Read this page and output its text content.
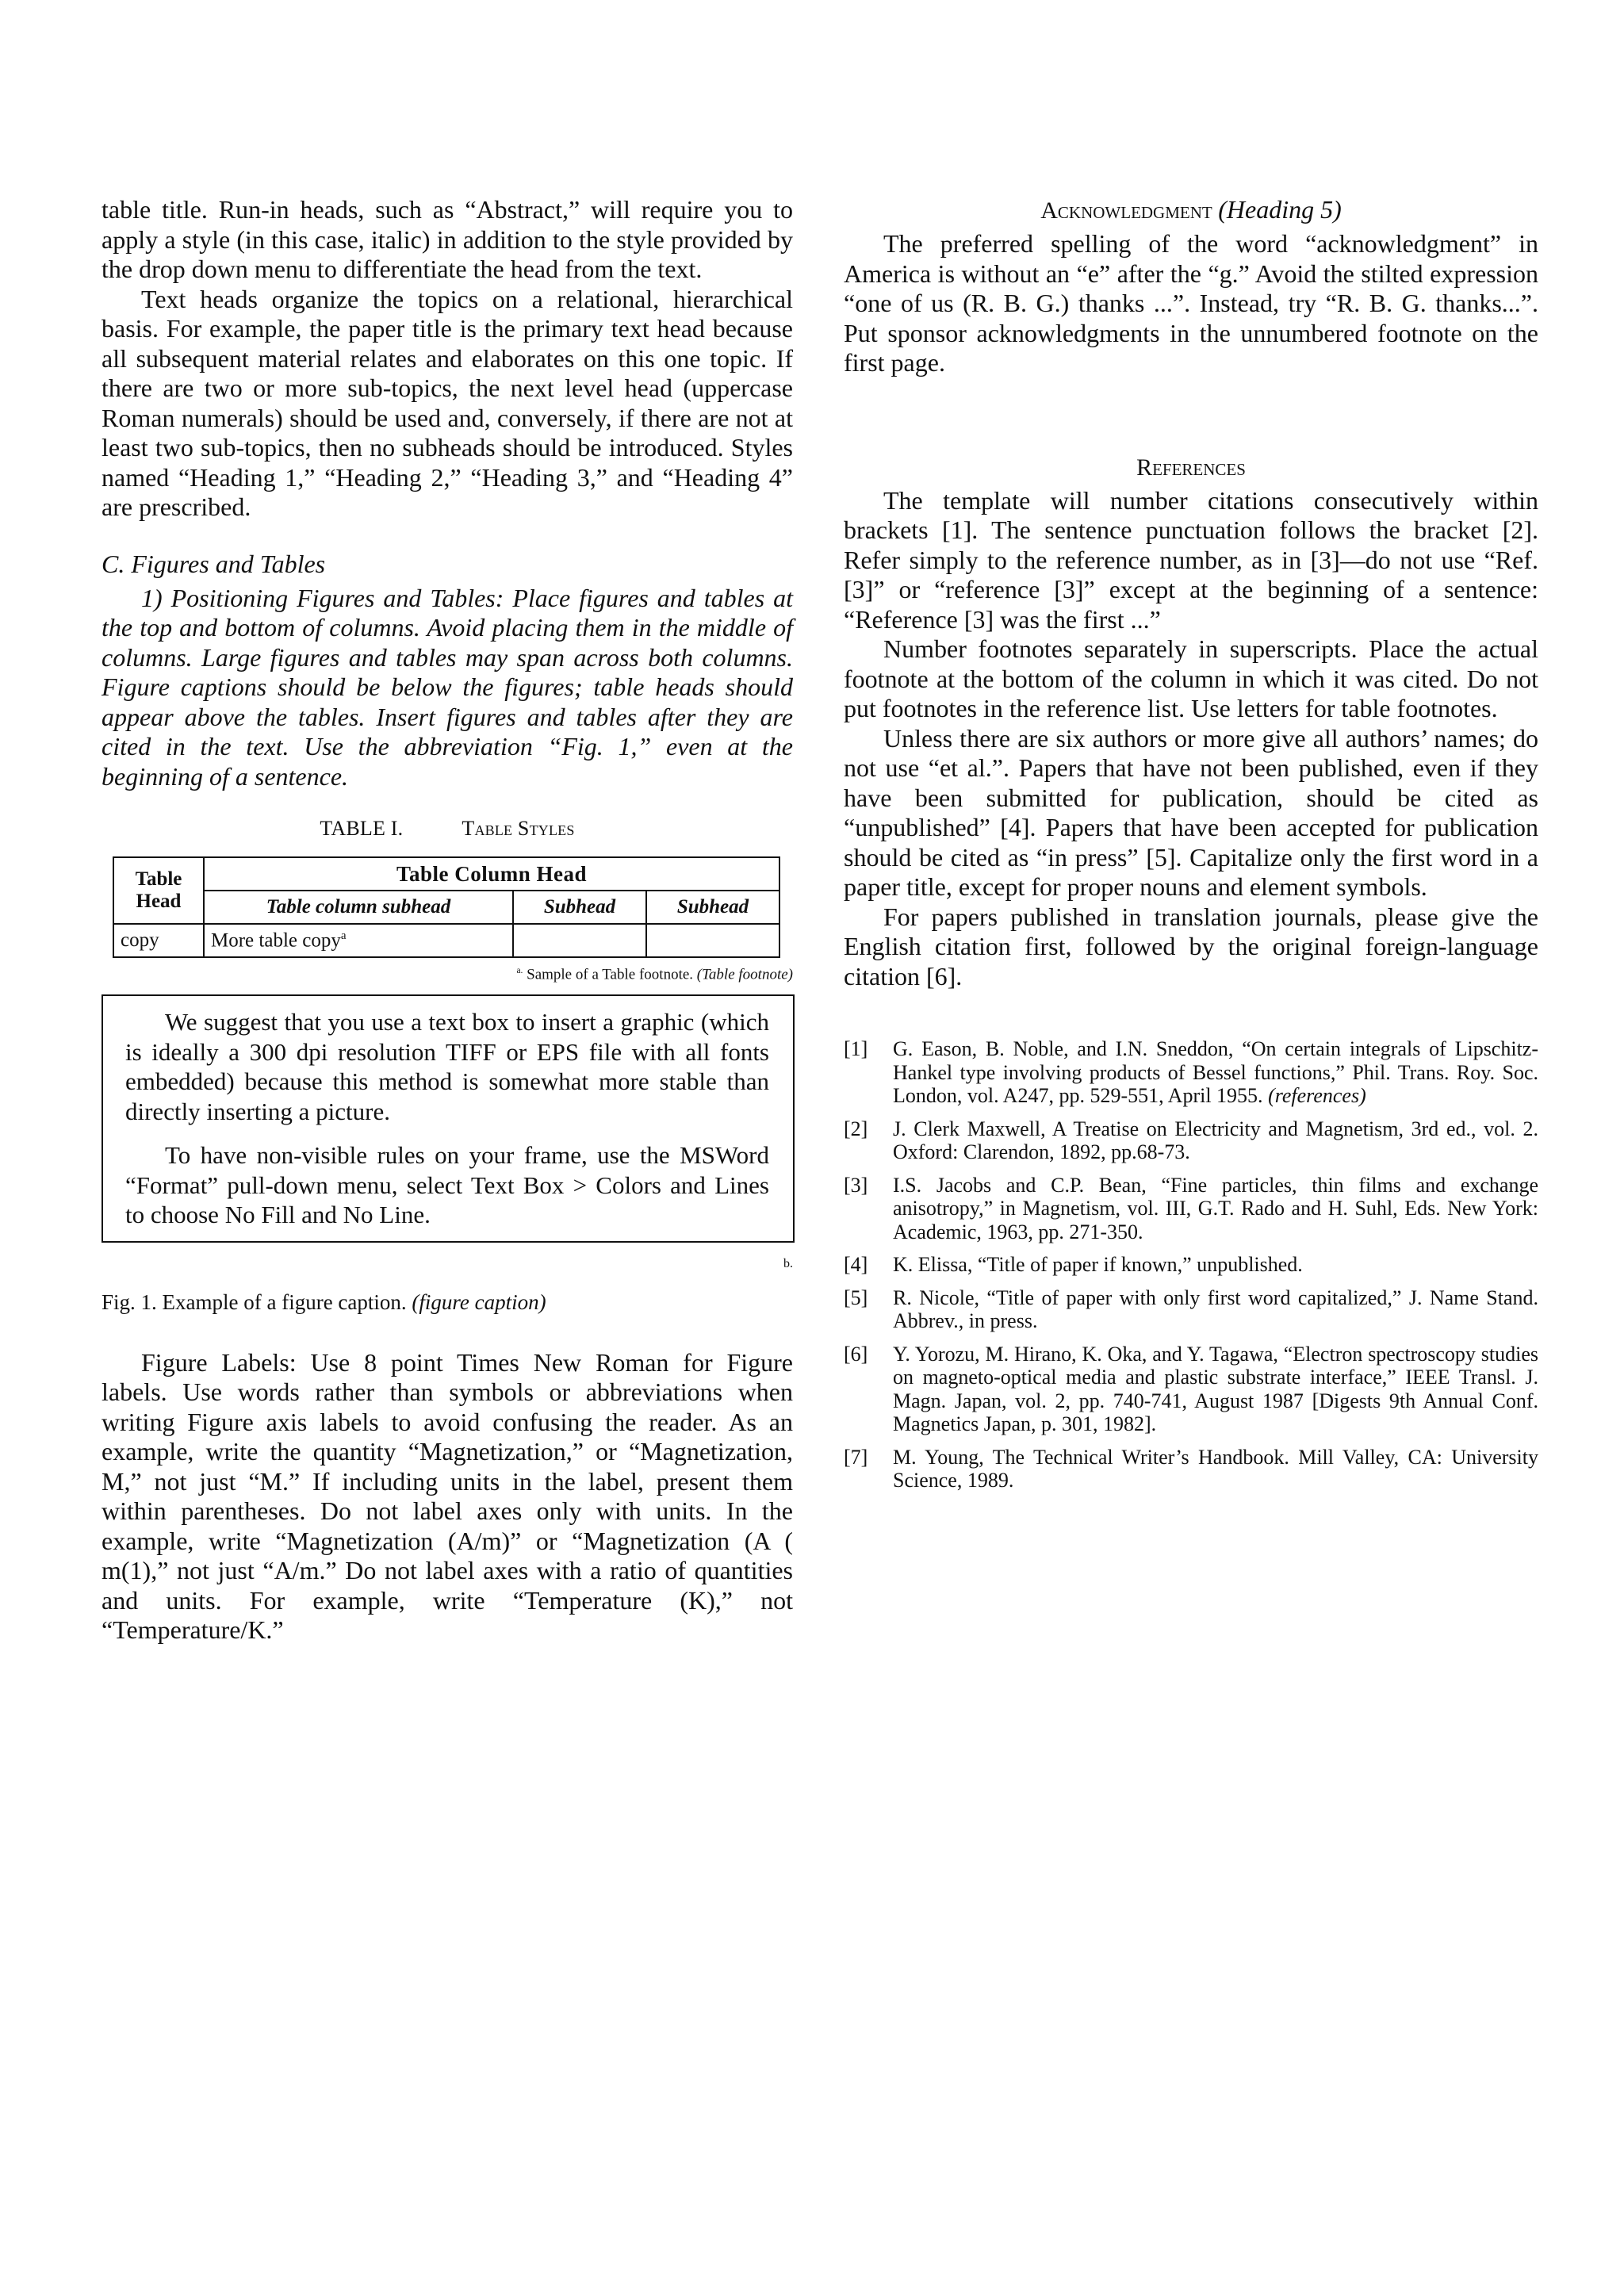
table title. Run-in heads, such as “Abstract,” will require you to apply a style (in this case, italic) in addition to the style provided by the drop down menu to differentiate the head from the text.

Text heads organize the topics on a relational, hierarchical basis. For example, the paper title is the primary text head because all subsequent material relates and elaborates on this one topic. If there are two or more sub-topics, the next level head (uppercase Roman numerals) should be used and, conversely, if there are not at least two sub-topics, then no subheads should be introduced. Styles named “Heading 1,” “Heading 2,” “Heading 3,” and “Heading 4” are prescribed.

C. Figures and Tables

1) Positioning Figures and Tables: Place figures and tables at the top and bottom of columns. Avoid placing them in the middle of columns. Large figures and tables may span across both columns. Figure captions should be below the figures; table heads should appear above the tables. Insert figures and tables after they are cited in the text. Use the abbreviation “Fig. 1,” even at the beginning of a sentence.

TABLE I.	Table Styles
Table Head	Table Column Head		
	Table column subhead	Subhead	Subhead
copy	More table copy$^a$		
$^{a.}$ Sample of a Table footnote. (Table footnote)

We suggest that you use a text box to insert a graphic (which is ideally a 300 dpi resolution TIFF or EPS file with all fonts embedded) because this method is somewhat more stable than directly inserting a picture.

To have non-visible rules on your frame, use the MSWord “Format” pull-down menu, select Text Box > Colors and Lines to choose No Fill and No Line.

b.
Fig. 1. Example of a figure caption. (figure caption)

Figure Labels: Use 8 point Times New Roman for Figure labels. Use words rather than symbols or abbreviations when writing Figure axis labels to avoid confusing the reader. As an example, write the quantity “Magnetization,” or “Magnetization, M,” not just “M.” If including units in the label, present them within parentheses. Do not label axes only with units. In the example, write “Magnetization (A/m)” or “Magnetization (A ( m(1),” not just “A/m.” Do not label axes with a ratio of quantities and units. For example, write “Temperature (K),” not “Temperature/K.”

Acknowledgment (Heading 5)

The preferred spelling of the word “acknowledgment” in America is without an “e” after the “g.” Avoid the stilted expression “one of us (R. B. G.) thanks ...”. Instead, try “R. B. G. thanks...”. Put sponsor acknowledgments in the unnumbered footnote on the first page.

References

The template will number citations consecutively within brackets [1]. The sentence punctuation follows the bracket [2]. Refer simply to the reference number, as in [3]—do not use “Ref. [3]” or “reference [3]” except at the beginning of a sentence: “Reference [3] was the first ...”

Number footnotes separately in superscripts. Place the actual footnote at the bottom of the column in which it was cited. Do not put footnotes in the reference list. Use letters for table footnotes.

Unless there are six authors or more give all authors’ names; do not use “et al.”. Papers that have not been published, even if they have been submitted for publication, should be cited as “unpublished” [4]. Papers that have been accepted for publication should be cited as “in press” [5]. Capitalize only the first word in a paper title, except for proper nouns and element symbols.

For papers published in translation journals, please give the English citation first, followed by the original foreign-language citation [6].

[1]	G. Eason, B. Noble, and I.N. Sneddon, “On certain integrals of Lipschitz-Hankel type involving products of Bessel functions,” Phil. Trans. Roy. Soc. London, vol. A247, pp. 529-551, April 1955. (references)
[2]	J. Clerk Maxwell, A Treatise on Electricity and Magnetism, 3rd ed., vol. 2. Oxford: Clarendon, 1892, pp.68-73.
[3]	I.S. Jacobs and C.P. Bean, “Fine particles, thin films and exchange anisotropy,” in Magnetism, vol. III, G.T. Rado and H. Suhl, Eds. New York: Academic, 1963, pp. 271-350.
[4]	K. Elissa, “Title of paper if known,” unpublished.
[5]	R. Nicole, “Title of paper with only first word capitalized,” J. Name Stand. Abbrev., in press.
[6]	Y. Yorozu, M. Hirano, K. Oka, and Y. Tagawa, “Electron spectroscopy studies on magneto-optical media and plastic substrate interface,” IEEE Transl. J. Magn. Japan, vol. 2, pp. 740-741, August 1987 [Digests 9th Annual Conf. Magnetics Japan, p. 301, 1982].
[7]	M. Young, The Technical Writer’s Handbook. Mill Valley, CA: University Science, 1989.
